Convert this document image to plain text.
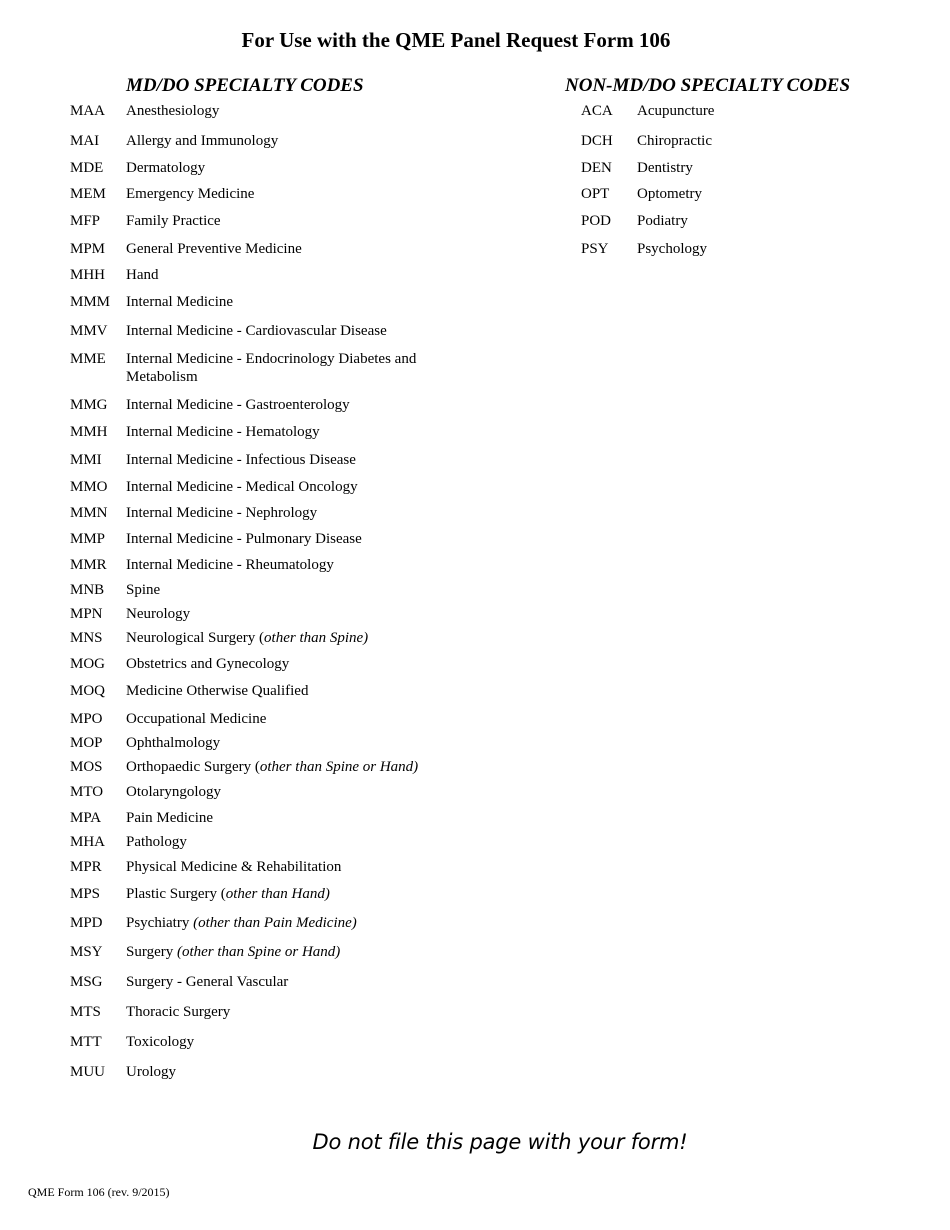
For Use with the QME Panel Request Form 106
MD/DO SPECIALTY CODES	NON-MD/DO SPECIALTY CODES
MAA Anesthesiology
MAI Allergy and Immunology
MDE Dermatology
MEM Emergency Medicine
MFP Family Practice
MPM General Preventive Medicine
MHH Hand
MMM Internal Medicine
MMV Internal Medicine - Cardiovascular Disease
MME Internal Medicine - Endocrinology Diabetes and
Metabolism
MMG Internal Medicine - Gastroenterology
MMH Internal Medicine - Hematology
MMI Internal Medicine - Infectious Disease
MMO Internal Medicine - Medical Oncology
MMN Internal Medicine - Nephrology
MMP Internal Medicine - Pulmonary Disease
MMR Internal Medicine - Rheumatology
MNB Spine
MPN Neurology
MNS Neurological Surgery (other than Spine)
MOG Obstetrics and Gynecology
MOQ Medicine Otherwise Qualified
MPO Occupational Medicine
MOP Ophthalmology
MOS Orthopaedic Surgery (other than Spine or Hand)
MTO Otolaryngology
MPA Pain Medicine
MHA Pathology
MPR Physical Medicine & Rehabilitation
MPS Plastic Surgery (other than Hand)
MPD Psychiatry (other than Pain Medicine)
MSY Surgery (other than Spine or Hand)
MSG Surgery - General Vascular
MTS Thoracic Surgery
MTT Toxicology
MUU Urology
ACA Acupuncture
DCH Chiropractic
DEN Dentistry
OPT Optometry
POD Podiatry
PSY Psychology

Do not file this page with your form!

QME Form 106 (rev. 9/2015)
